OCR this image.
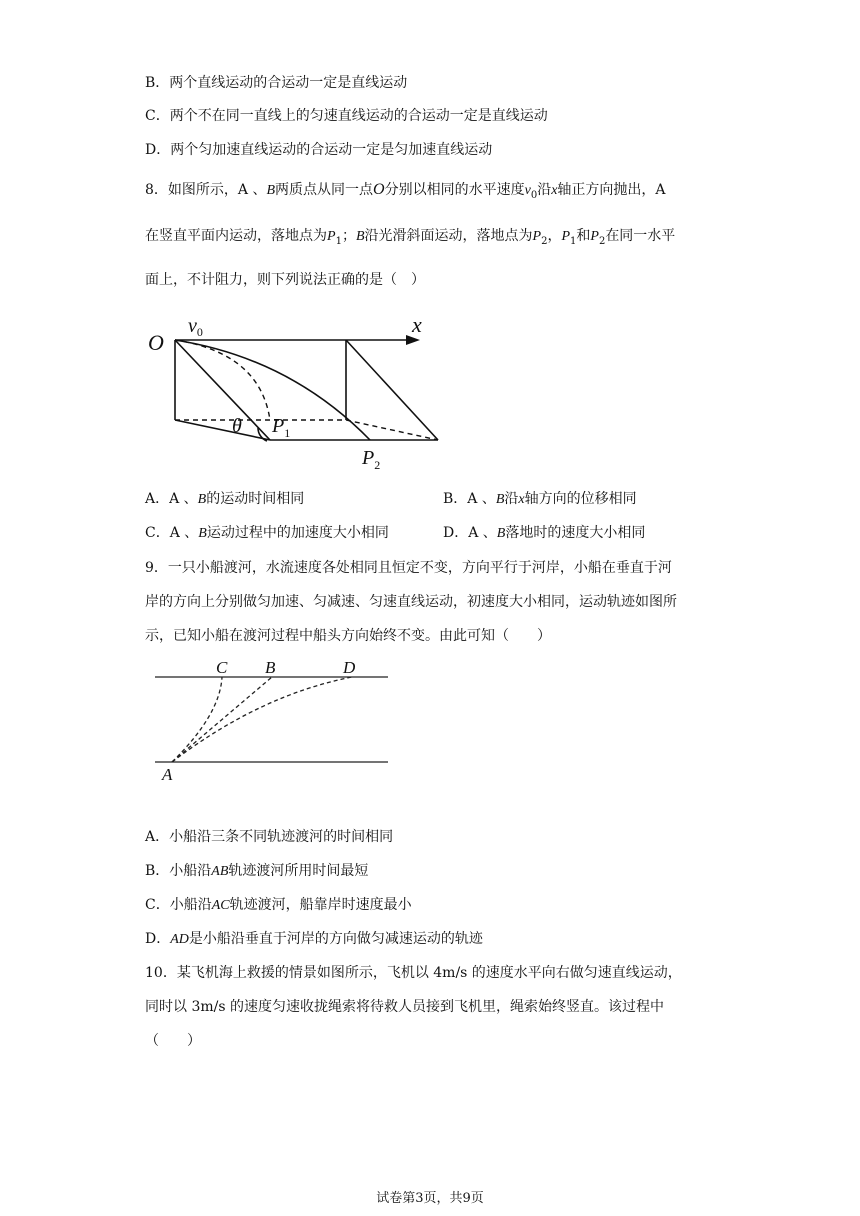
B．两个直线运动的合运动一定是直线运动
C．两个不在同一直线上的匀速直线运动的合运动一定是直线运动
D．两个匀加速直线运动的合运动一定是匀加速直线运动
8．如图所示，A 、B两质点从同一点O分别以相同的水平速度$v_0$沿x轴正方向抛出，A
在竖直平面内运动，落地点为$P_1$；B沿光滑斜面运动，落地点为$P_2$，$P_1$和$P_2$在同一水平
面上，不计阻力，则下列说法正确的是（　）
O
$v_0$	x
θ $P_1$
$P_2$
A．A 、B的运动时间相同	B．A 、B沿x轴方向的位移相同
C．A 、B运动过程中的加速度大小相同	D．A 、B落地时的速度大小相同
9．一只小船渡河，水流速度各处相同且恒定不变，方向平行于河岸，小船在垂直于河
岸的方向上分别做匀加速、匀减速、匀速直线运动，初速度大小相同，运动轨迹如图所
示，已知小船在渡河过程中船头方向始终不变。由此可知（　　）
C B	D
A
A．小船沿三条不同轨迹渡河的时间相同
B．小船沿AB轨迹渡河所用时间最短
C．小船沿AC轨迹渡河，船靠岸时速度最小
D．AD是小船沿垂直于河岸的方向做匀减速运动的轨迹
10．某飞机海上救援的情景如图所示，飞机以 4m/s 的速度水平向右做匀速直线运动，
同时以 3m/s 的速度匀速收拢绳索将待救人员接到飞机里，绳索始终竖直。该过程中
（　　）
试卷第3页，共9页
